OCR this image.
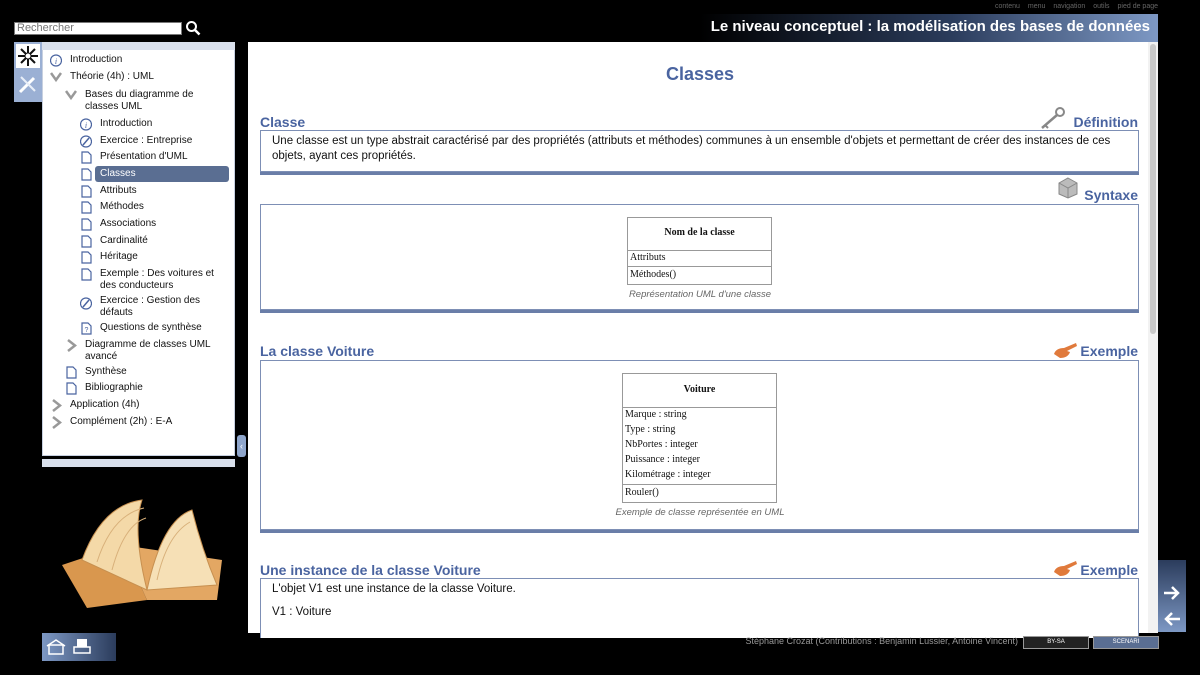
Rechercher
contenu menu navigation outils pied de page
Le niveau conceptuel : la modélisation des bases de données
‹
i Introduction
Théorie (4h) : UML
Bases du diagramme de classes UML
i Introduction
Exercice : Entreprise
Présentation d'UML
Classes
Attributs
Méthodes
Associations
Cardinalité
Héritage
Exemple : Des voitures et des conducteurs
Exercice : Gestion des défauts
? Questions de synthèse
Diagramme de classes UML avancé
Synthèse
Bibliographie
Application (4h)
Complément (2h) : E-A
Classes
Classe	Définition
Une classe est un type abstrait caractérisé par des propriétés (attributs et méthodes) communes à un ensemble d'objets et permettant de créer des instances de ces objets, ayant ces propriétés.
Syntaxe
Nom de la classe
Attributs
Méthodes()
Représentation UML d'une classe
La classe Voiture	Exemple
Voiture
Marque : string
Type : string
NbPortes : integer
Puissance : integer
Kilométrage : integer
Rouler()
Exemple de classe représentée en UML
Une instance de la classe Voiture	Exemple
L'objet V1 est une instance de la classe Voiture.
V1 : Voiture
Stéphane Crozat (Contributions : Benjamin Lussier, Antoine Vincent)	BY-SA	SCENARI
